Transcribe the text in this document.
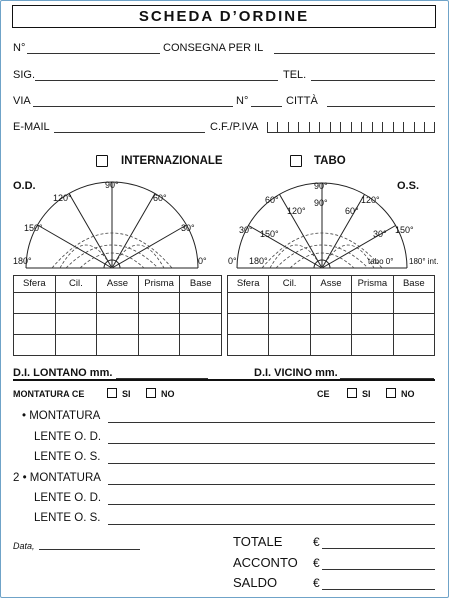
SCHEDA D’ORDINE
N°	CONSEGNA PER IL
SIG.	TEL.
VIA	N°	CITTÀ
E-MAIL	C.F./P.IVA
INTERNAZIONALE	TABO
O.D.	O.S.
90°
120°	60°
150°	30°
180°	0°
90°
60°	120°
30°	150°
0°	180° int.
90°
120°	60°
150°	30°
180°	tabo 0°
Sfera	Cil.	Asse	Prisma	Base

					Sfera	Cil.	Asse	Prisma	Base

D.I. LONTANO mm.	D.I. VICINO mm.
MONTATURA CE	SI	NO	CE	SI	NO
• MONTATURA
LENTE O. D.
LENTE O. S.
2 • MONTATURA
LENTE O. D.
LENTE O. S.
Data,	TOTALE	€
ACCONTO €
SALDO	€
